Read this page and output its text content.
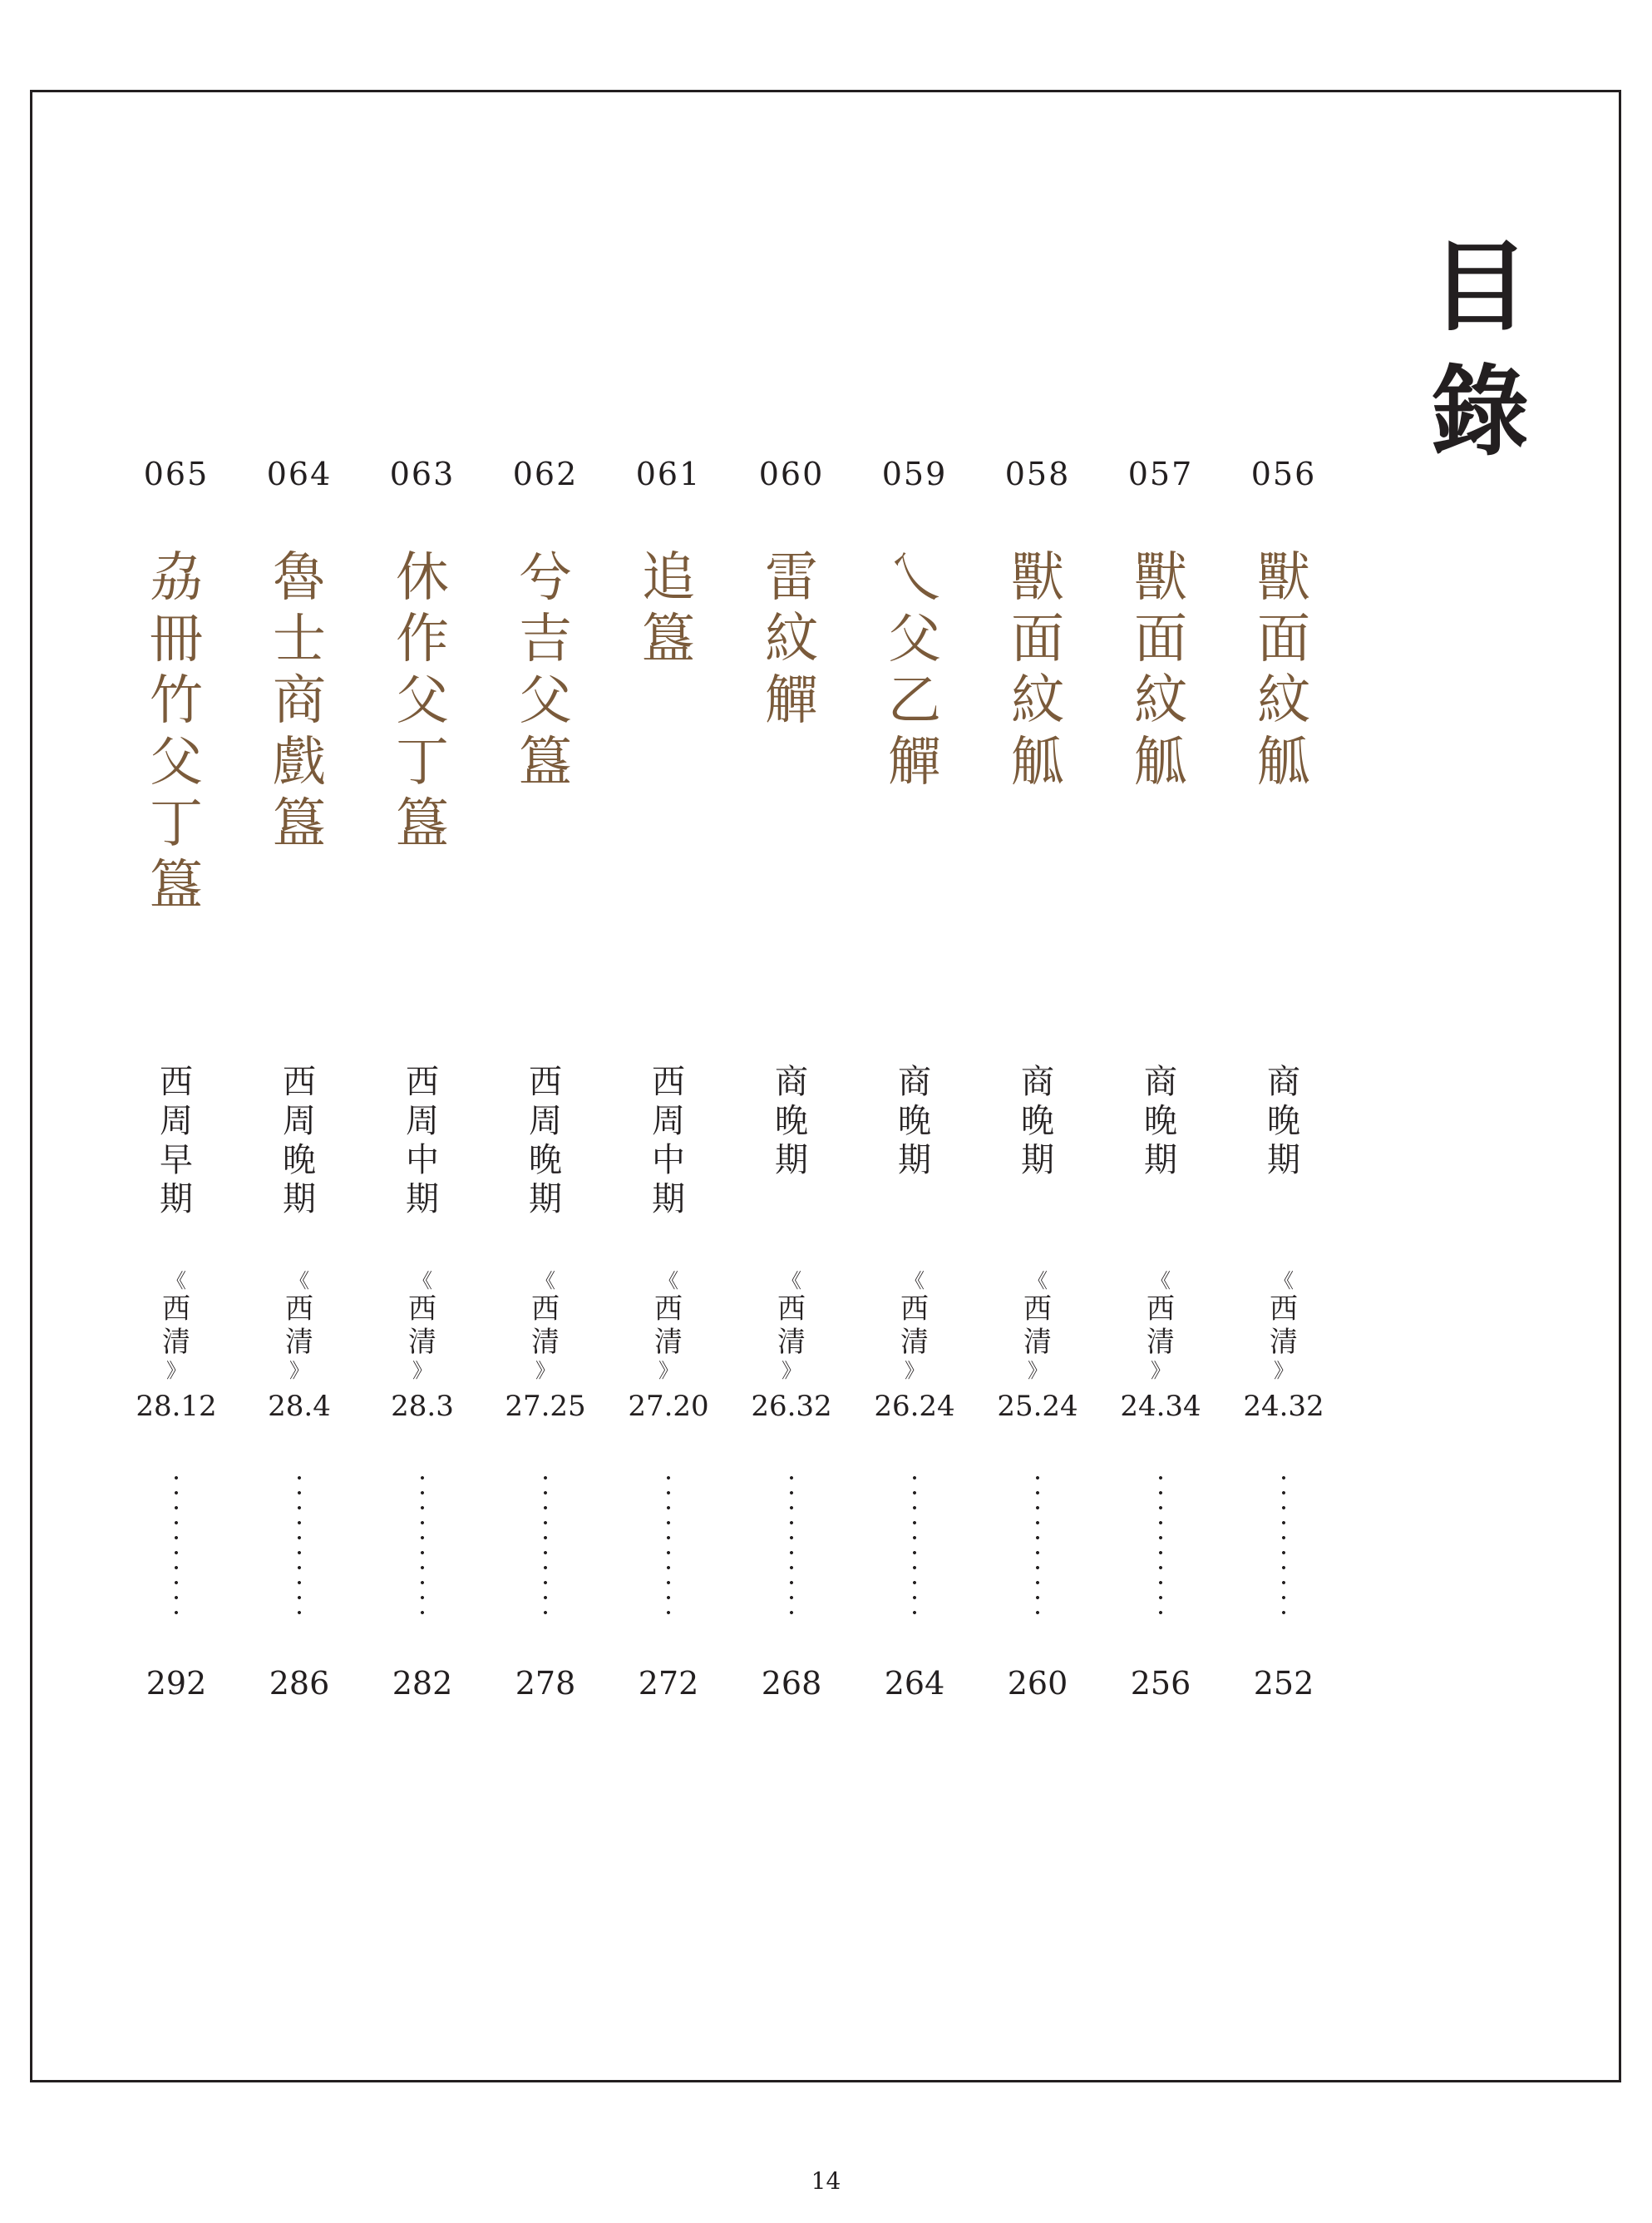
目
錄
056
獸
面
紋
觚
商
晚
期
《
西
清
》
24.32
252
057
獸
面
紋
觚
商
晚
期
《
西
清
》
24.34
256
058
獸
面
紋
觚
商
晚
期
《
西
清
》
25.24
260
059
乀
父
乙
觶
商
晚
期
《
西
清
》
26.24
264
060
雷
紋
觶
商
晚
期
《
西
清
》
26.32
268
061
追
簋
西
周
中
期
《
西
清
》
27.20
272
062
兮
吉
父
簋
西
周
晚
期
《
西
清
》
27.25
278
063
休
作
父
丁
簋
西
周
中
期
《
西
清
》
28.3
282
064
魯
士
商
戲
簋
西
周
晚
期
《
西
清
》
28.4
286
065
劦
冊
竹
父
丁
簋
西
周
早
期
《
西
清
》
28.12
292
14
